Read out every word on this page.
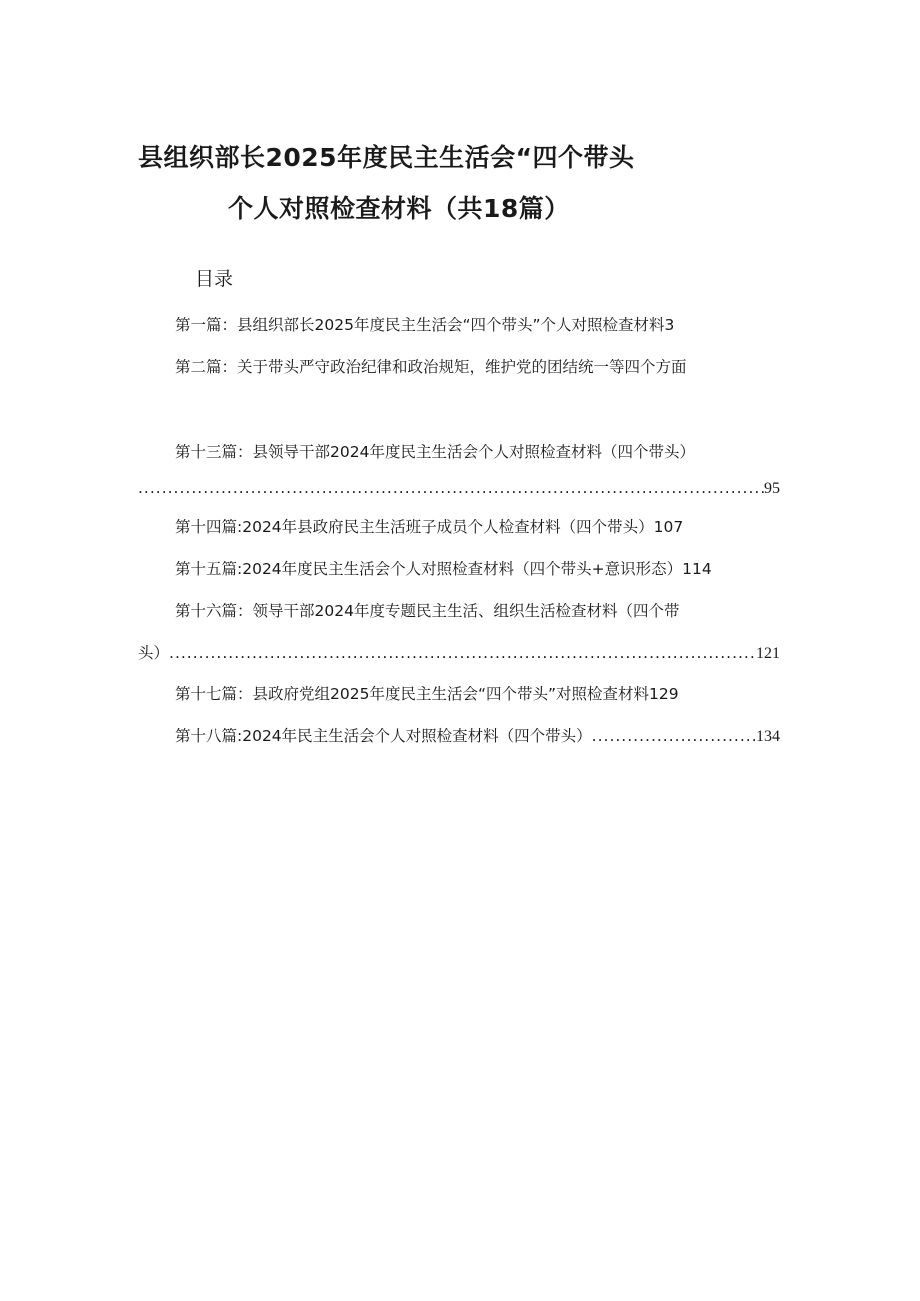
县组织部长2025年度民主生活会“四个带头
个人对照检查材料（共18篇）
目录
第一篇：县组织部长2025年度民主生活会“四个带头”个人对照检查材料3
第二篇：关于带头严守政治纪律和政治规矩，维护党的团结统一等四个方面
第十三篇：县领导干部2024年度民主生活会个人对照检查材料（四个带头）
.....
95
第十四篇:2024年县政府民主生活班子成员个人检查材料（四个带头）107
第十五篇:2024年度民主生活会个人对照检查材料（四个带头+意识形态）114
第十六篇：领导干部2024年度专题民主生活、组织生活检查材料（四个带
头） .....	121
第十七篇：县政府党组2025年度民主生活会“四个带头”对照检查材料129
第十八篇:2024年民主生活会个人对照检查材料（四个带头） .....	134
